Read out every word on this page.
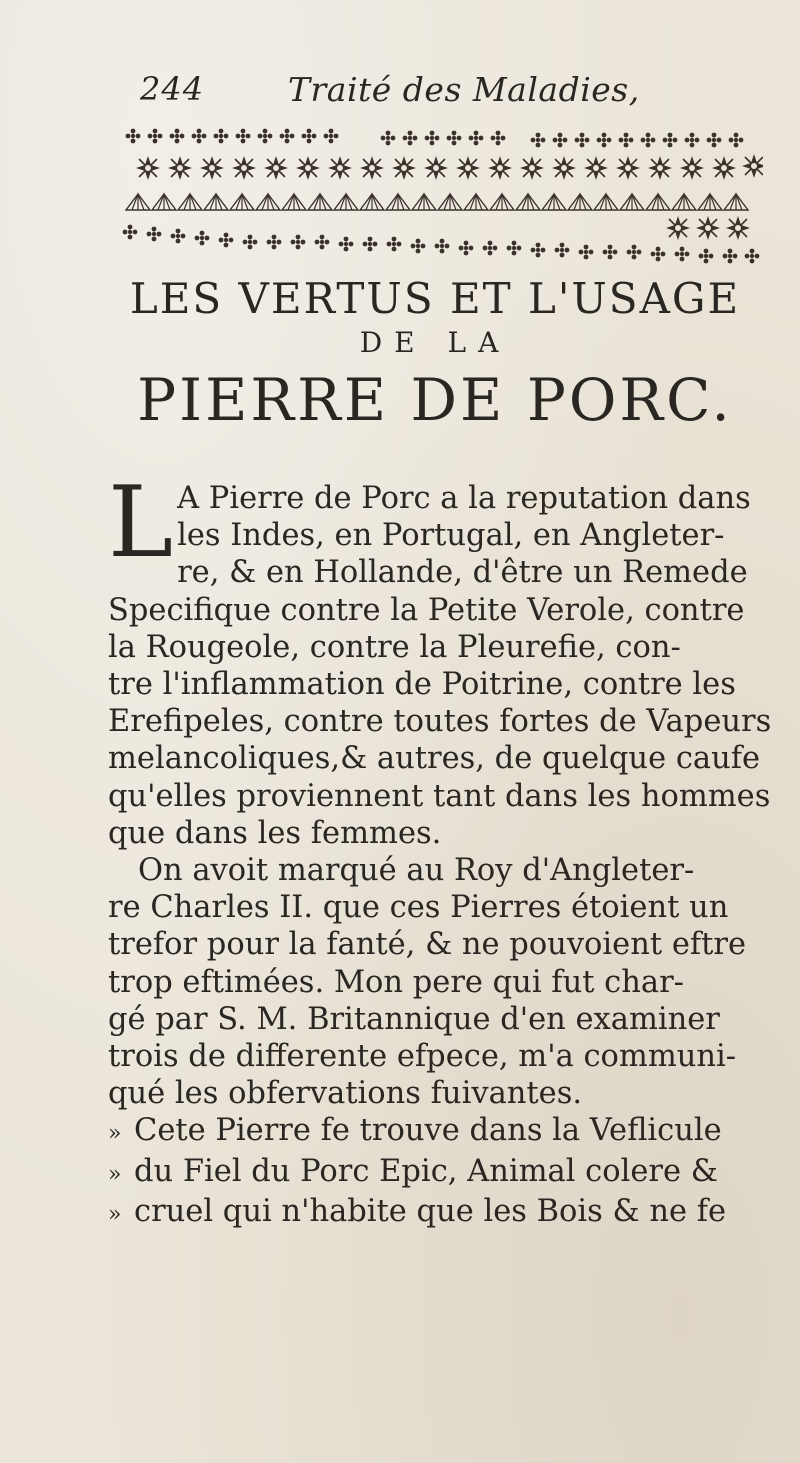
244	Traité des Maladies,
LES VERTUS ET L'USAGE
DE LA
PIERRE DE PORC.
L A Pierre de Porc a la reputation dans
les Indes, en Portugal, en Angleter-
re, & en Hollande, d'être un Remede
Specifique contre la Petite Verole, contre
la Rougeole, contre la Pleurefie, con-
tre l'inflammation de Poitrine, contre les
Erefipeles, contre toutes fortes de Vapeurs
melancoliques,& autres, de quelque caufe
qu'elles proviennent tant dans les hommes
que dans les femmes.
On avoit marqué au Roy d'Angleter-
re Charles II. que ces Pierres étoient un
trefor pour la fanté, & ne pouvoient eftre
trop eftimées. Mon pere qui fut char-
gé par S. M. Britannique d'en examiner
trois de differente efpece, m'a communi-
qué les obfervations fuivantes.
» Cete Pierre fe trouve dans la Veflicule
» du Fiel du Porc Epic, Animal colere &
» cruel qui n'habite que les Bois & ne fe
